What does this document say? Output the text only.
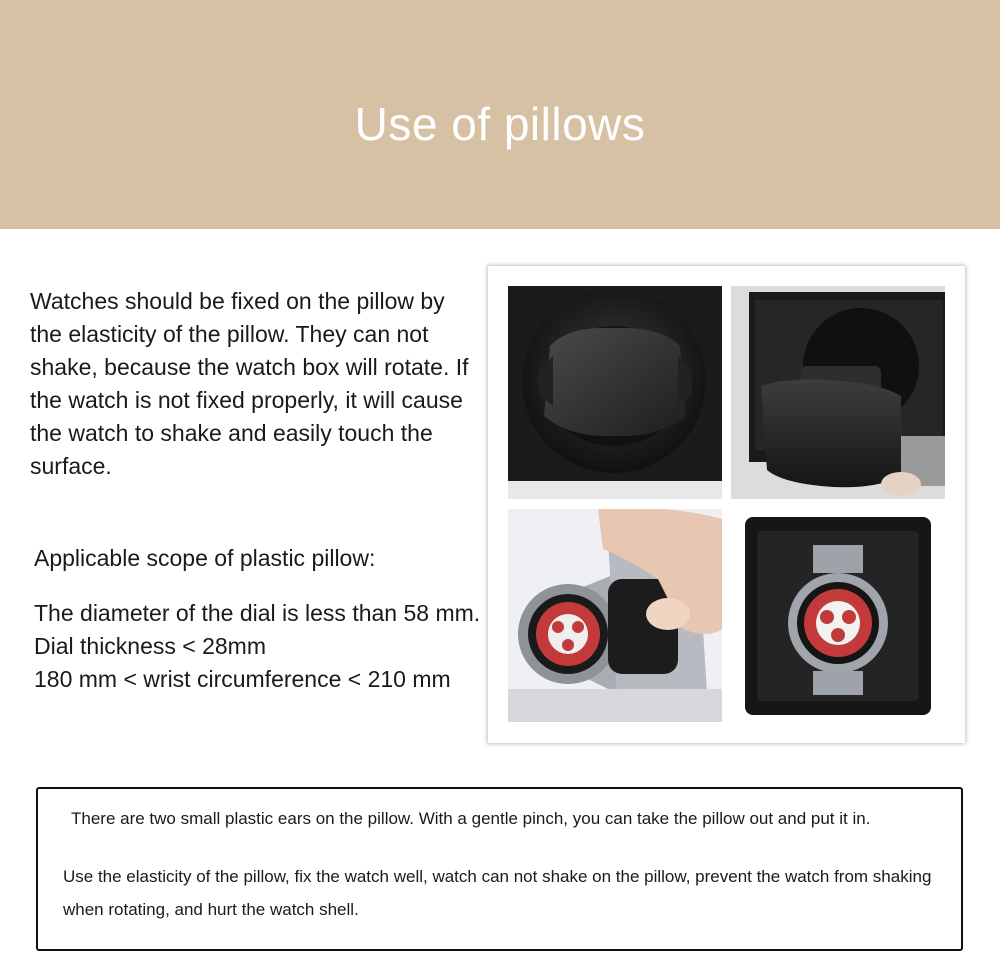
Use of pillows

Watches should be fixed on the pillow by the elasticity of the pillow. They can not shake, because the watch box will rotate. If the watch is not fixed properly, it will cause the watch to shake and easily touch the surface.

Applicable scope of plastic pillow:

The diameter of the dial is less than 58 mm.
Dial thickness < 28mm
180 mm < wrist circumference < 210 mm

There are two small plastic ears on the pillow. With a gentle pinch, you can take the pillow out and put it in.

Use the elasticity of the pillow, fix the watch well, watch can not shake on the pillow, prevent the watch from shaking when rotating, and hurt the watch shell.
